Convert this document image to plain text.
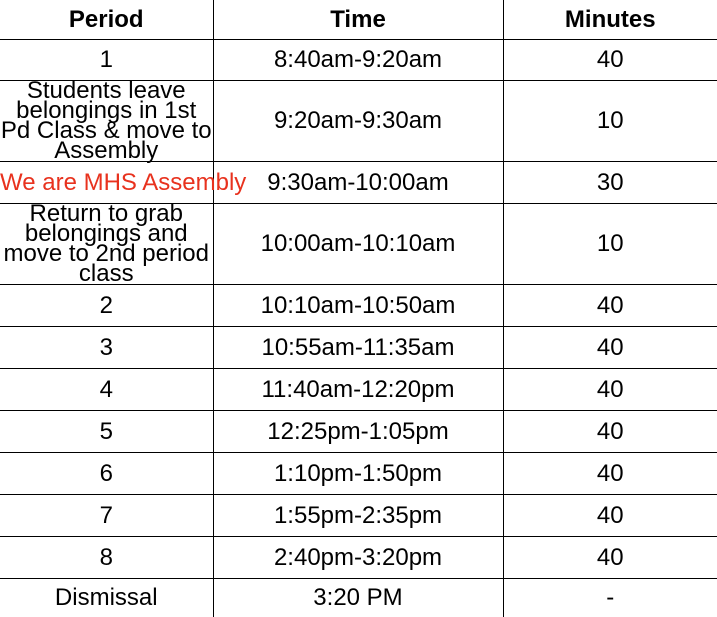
Period	Time	Minutes
1	8:40am-9:20am	40
Students leave belongings in 1st Pd Class & move to Assembly	9:20am-9:30am	10
We are MHS Assembly	9:30am-10:00am	30
Return to grab belongings and move to 2nd period class	10:00am-10:10am	10
2	10:10am-10:50am	40
3	10:55am-11:35am	40
4	11:40am-12:20pm	40
5	12:25pm-1:05pm	40
6	1:10pm-1:50pm	40
7	1:55pm-2:35pm	40
8	2:40pm-3:20pm	40
Dismissal	3:20 PM	-
